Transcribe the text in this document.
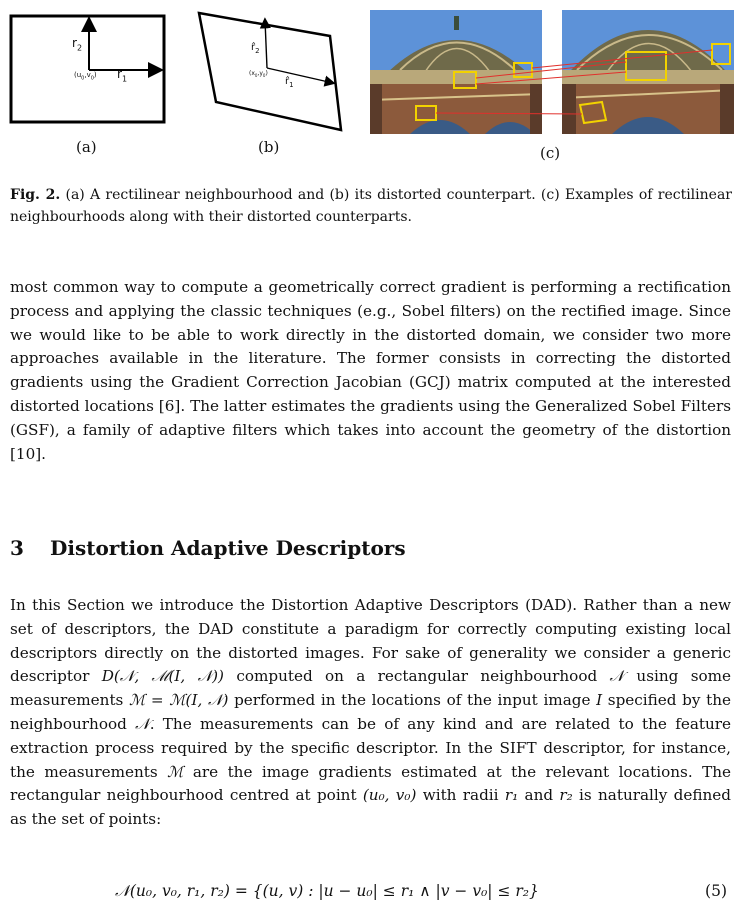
$r_2$
$r_1$
$(u_0,v_0)$
(a)
$r̂_2$
$r̂_1$
$(x_0,y_0)$
(b)	(c)
Fig. 2. (a) A rectilinear neighbourhood and (b) its distorted counterpart. (c) Examples of rectilinear neighbourhoods along with their distorted counterparts.
most common way to compute a geometrically correct gradient is performing a rectification process and applying the classic techniques (e.g., Sobel filters) on the rectified image. Since we would like to be able to work directly in the distorted domain, we consider two more approaches available in the literature. The former consists in correcting the distorted gradients using the Gradient Correction Jacobian (GCJ) matrix computed at the interested distorted locations [6]. The latter estimates the gradients using the Generalized Sobel Filters (GSF), a family of adaptive filters which takes into account the geometry of the distortion [10].
3 Distortion Adaptive Descriptors
In this Section we introduce the Distortion Adaptive Descriptors (DAD). Rather than a new set of descriptors, the DAD constitute a paradigm for correctly computing existing local descriptors directly on the distorted images. For sake of generality we consider a generic descriptor D(𝒩, ℳ(I, 𝒩)) computed on a rectangular neighbourhood 𝒩 using some measurements ℳ = ℳ(I, 𝒩) performed in the locations of the input image I specified by the neighbourhood 𝒩. The measurements can be of any kind and are related to the feature extraction process required by the specific descriptor. In the SIFT descriptor, for instance, the measurements ℳ are the image gradients estimated at the relevant locations. The rectangular neighbourhood centred at point (u₀, v₀) with radii r₁ and r₂ is naturally defined as the set of points:
𝒩(u₀, v₀, r₁, r₂) = {(u, v) : |u − u₀| ≤ r₁ ∧ |v − v₀| ≤ r₂}	(5)
